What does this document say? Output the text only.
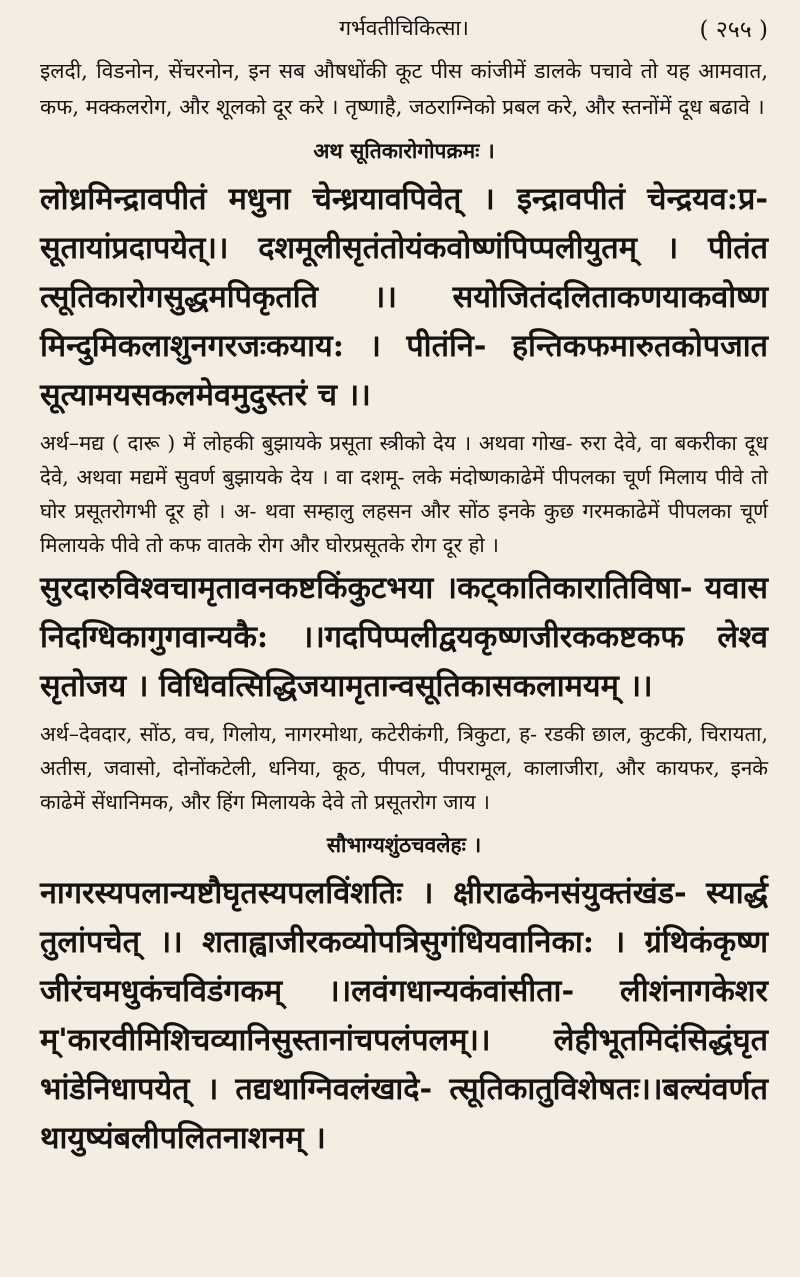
गर्भवतीचिकित्सा।	( २५५ )
इलदी, विडनोन, सेंचरनोन, इन सब औषधोंकी कूट पीस कांजीमें डालके पचावे तो यह आमवात, कफ, मक्कलरोग, और शूलको दूर करे । तृष्णाहै, जठराग्निको प्रबल करे, और स्तनोंमें दूध बढावे ।
अथ सूतिकारोगोपक्रमः ।
लोध्रमिन्द्रावपीतं मधुना चेन्ध्रयावपिवेत् । इन्द्रावपीतं चेन्द्रयव:प्र- सूतायांप्रदापयेत्।। दशमूलीसृतंतोयंकवोष्णंपिप्पलीयुतम् । पीतंतत्सूतिकारोगसुद्धमपिकृतति ।। सयोजितंदलिताकणयाकवोष्णमिन्दुमिकलाशुनगरजःकयाय: । पीतंनि- हन्तिकफमारुतकोपजातसूत्यामयसकलमेवमुदुस्तरं च ।।
अर्थ–मद्य ( दारू ) में लोहकी बुझायके प्रसूता स्त्रीको देय । अथवा गोख- रुरा देवे, वा बकरीका दूध देवे, अथवा मद्यमें सुवर्ण बुझायके देय । वा दशमू- लके मंदोष्णकाढेमें पीपलका चूर्ण मिलाय पीवे तो घोर प्रसूतरोगभी दूर हो । अ- थवा सम्हालु लहसन और सोंठ इनके कुछ गरमकाढेमें पीपलका चूर्ण मिलायके पीवे तो कफ वातके रोग और घोरप्रसूतके रोग दूर हो ।
सुरदारुविश्वचामृतावनकष्टकिंकुटभया ।कट्कातिकारातिविषा- यवासनिदग्धिकागुगवान्यकै: ।।गदपिप्पलीद्वयकृष्णजीरककष्टकफ लेश्वसृतोजय । विधिवत्सिद्धिजयामृतान्वसूतिकासकलामयम् ।।
अर्थ–देवदार, सोंठ, वच, गिलोय, नागरमोथा, कटेरीकंगी, त्रिकुटा, ह- रडकी छाल, कुटकी, चिरायता, अतीस, जवासो, दोनोंकटेली, धनिया, कूठ, पीपल, पीपरामूल, कालाजीरा, और कायफर, इनके काढेमें सेंधानिमक, और हिंग मिलायके देवे तो प्रसूतरोग जाय ।
सौभाग्यशुंठचवलेहः ।
नागरस्यपलान्यष्टौघृतस्यपलविंशतिः । क्षीराढकेनसंयुक्तंखंड- स्यार्द्धतुलांपचेत् ।। शताह्वाजीरकव्योपत्रिसुगंधियवानिका: । ग्रंथिकंकृष्णजीरंचमधुकंचविडंगकम् ।।लवंगधान्यकंवांसीता- लीशंनागकेशरम्'कारवीमिशिचव्यानिसुस्तानांचपलंपलम्।। लेहीभूतमिदंसिद्धंघृतभांडेनिधापयेत् । तद्यथाग्निवलंखादे- त्सूतिकातुविशेषतः।।बल्यंवर्णतथायुष्यंबलीपलितनाशनम् ।
